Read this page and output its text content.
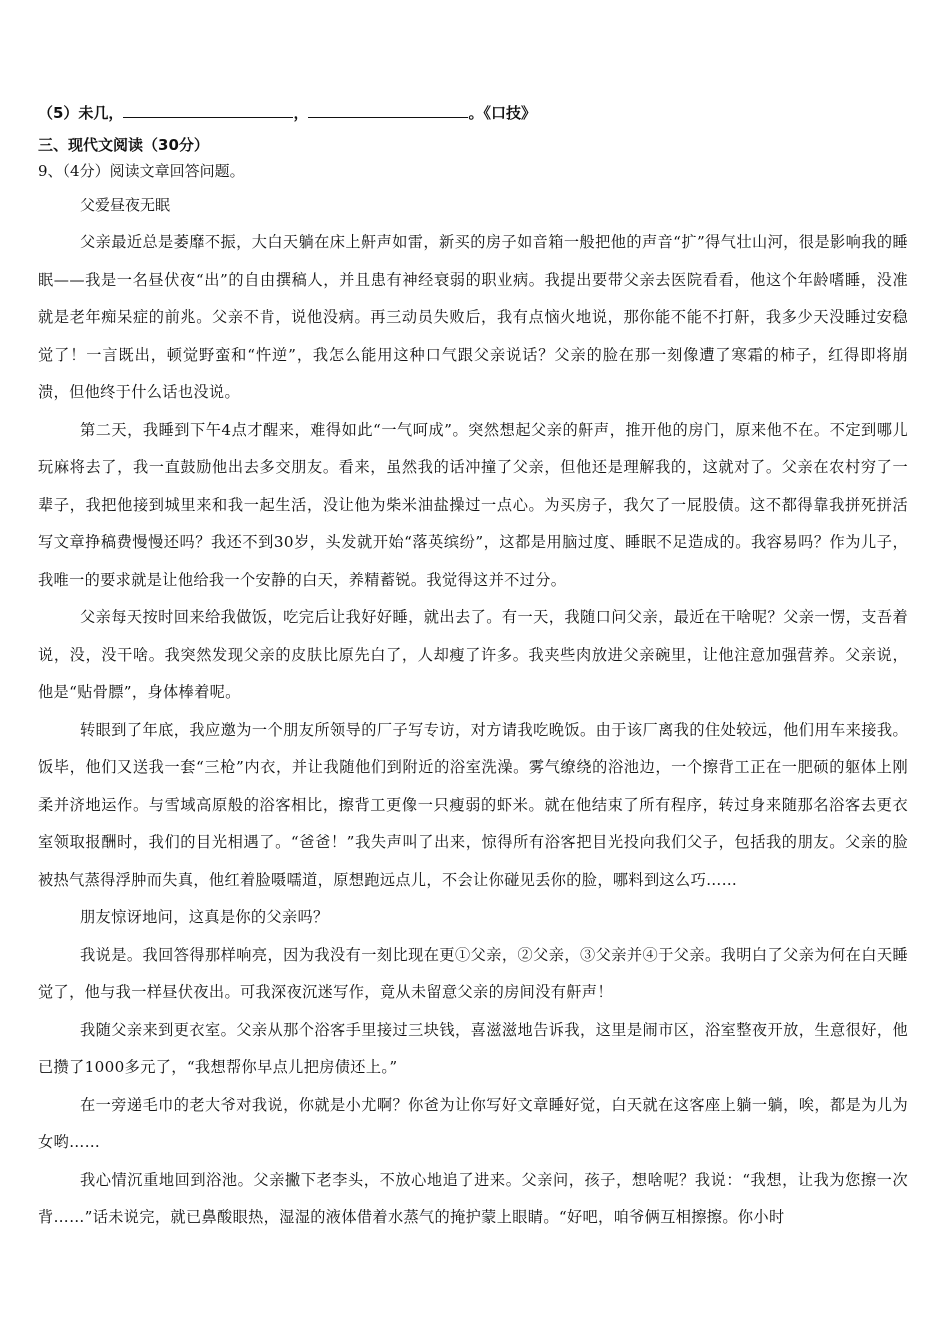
（5）未几，	，	。《口技》
三、现代文阅读（30分）
9、（4分）阅读文章回答问题。
父爱昼夜无眠

父亲最近总是萎靡不振，大白天躺在床上鼾声如雷，新买的房子如音箱一般把他的声音“扩”得气壮山河，很是影响我的睡眠——我是一名昼伏夜“出”的自由撰稿人，并且患有神经衰弱的职业病。我提出要带父亲去医院看看，他这个年龄嗜睡，没准就是老年痴呆症的前兆。父亲不肯，说他没病。再三动员失败后，我有点恼火地说，那你能不能不打鼾，我多少天没睡过安稳觉了！一言既出，顿觉野蛮和“忤逆”，我怎么能用这种口气跟父亲说话？父亲的脸在那一刻像遭了寒霜的柿子，红得即将崩溃，但他终于什么话也没说。

第二天，我睡到下午4点才醒来，难得如此“一气呵成”。突然想起父亲的鼾声，推开他的房门，原来他不在。不定到哪儿玩麻将去了，我一直鼓励他出去多交朋友。看来，虽然我的话冲撞了父亲，但他还是理解我的，这就对了。父亲在农村穷了一辈子，我把他接到城里来和我一起生活，没让他为柴米油盐操过一点心。为买房子，我欠了一屁股债。这不都得靠我拼死拼活写文章挣稿费慢慢还吗？我还不到30岁，头发就开始“落英缤纷”，这都是用脑过度、睡眠不足造成的。我容易吗？作为儿子，我唯一的要求就是让他给我一个安静的白天，养精蓄锐。我觉得这并不过分。

父亲每天按时回来给我做饭，吃完后让我好好睡，就出去了。有一天，我随口问父亲，最近在干啥呢？父亲一愣，支吾着说，没，没干啥。我突然发现父亲的皮肤比原先白了，人却瘦了许多。我夹些肉放进父亲碗里，让他注意加强营养。父亲说，他是“贴骨膘”，身体棒着呢。

转眼到了年底，我应邀为一个朋友所领导的厂子写专访，对方请我吃晚饭。由于该厂离我的住处较远，他们用车来接我。饭毕，他们又送我一套“三枪”内衣，并让我随他们到附近的浴室洗澡。雾气缭绕的浴池边，一个擦背工正在一肥硕的躯体上刚柔并济地运作。与雪域高原般的浴客相比，擦背工更像一只瘦弱的虾米。就在他结束了所有程序，转过身来随那名浴客去更衣室领取报酬时，我们的目光相遇了。“爸爸！”我失声叫了出来，惊得所有浴客把目光投向我们父子，包括我的朋友。父亲的脸被热气蒸得浮肿而失真，他红着脸嗫嚅道，原想跑远点儿，不会让你碰见丢你的脸，哪料到这么巧……

朋友惊讶地问，这真是你的父亲吗？

我说是。我回答得那样响亮，因为我没有一刻比现在更①父亲，②父亲，③父亲并④于父亲。我明白了父亲为何在白天睡觉了，他与我一样昼伏夜出。可我深夜沉迷写作，竟从未留意父亲的房间没有鼾声！

我随父亲来到更衣室。父亲从那个浴客手里接过三块钱，喜滋滋地告诉我，这里是闹市区，浴室整夜开放，生意很好，他已攒了1000多元了，“我想帮你早点儿把房债还上。”

在一旁递毛巾的老大爷对我说，你就是小尤啊？你爸为让你写好文章睡好觉，白天就在这客座上躺一躺，唉，都是为儿为女哟……

我心情沉重地回到浴池。父亲撇下老李头，不放心地追了进来。父亲问，孩子，想啥呢？我说：“我想，让我为您擦一次背……”话未说完，就已鼻酸眼热，湿湿的液体借着水蒸气的掩护蒙上眼睛。“好吧，咱爷俩互相擦擦。你小时
